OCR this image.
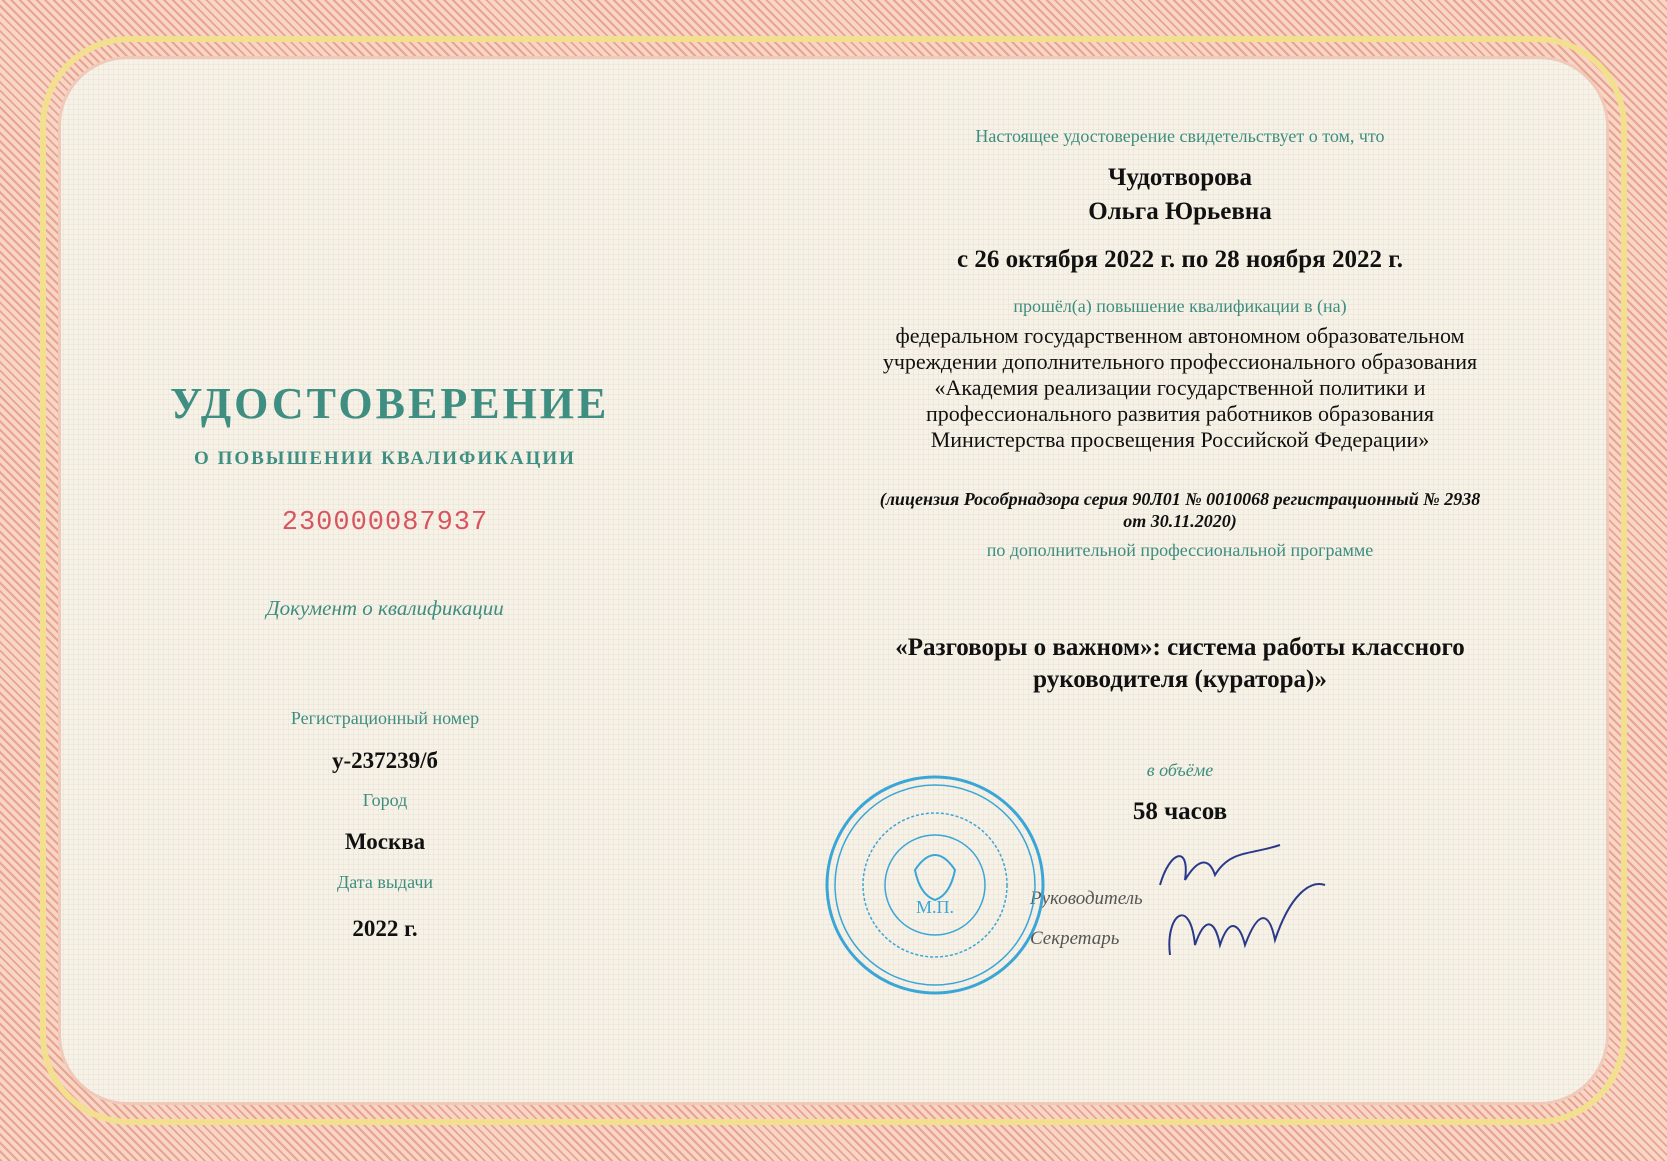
УДОСТОВЕРЕНИЕ
О ПОВЫШЕНИИ КВАЛИФИКАЦИИ
230000087937
Документ о квалификации
Регистрационный номер
у-237239/б
Город
Москва
Дата выдачи
2022 г.
Настоящее удостоверение свидетельствует о том, что
Чудотворова
Ольга Юрьевна
с 26 октября 2022 г. по 28 ноября 2022 г.
прошёл(а) повышение квалификации в (на)
федеральном государственном автономном образовательном учреждении дополнительного профессионального образования «Академия реализации государственной политики и профессионального развития работников образования Министерства просвещения Российской Федерации»
(лицензия Рособрнадзора серия 90Л01 № 0010068 регистрационный № 2938 от 30.11.2020)
по дополнительной профессиональной программе
«Разговоры о важном»: система работы классного руководителя (куратора)»
в объёме
58 часов
Руководитель
Секретарь
М.П.
